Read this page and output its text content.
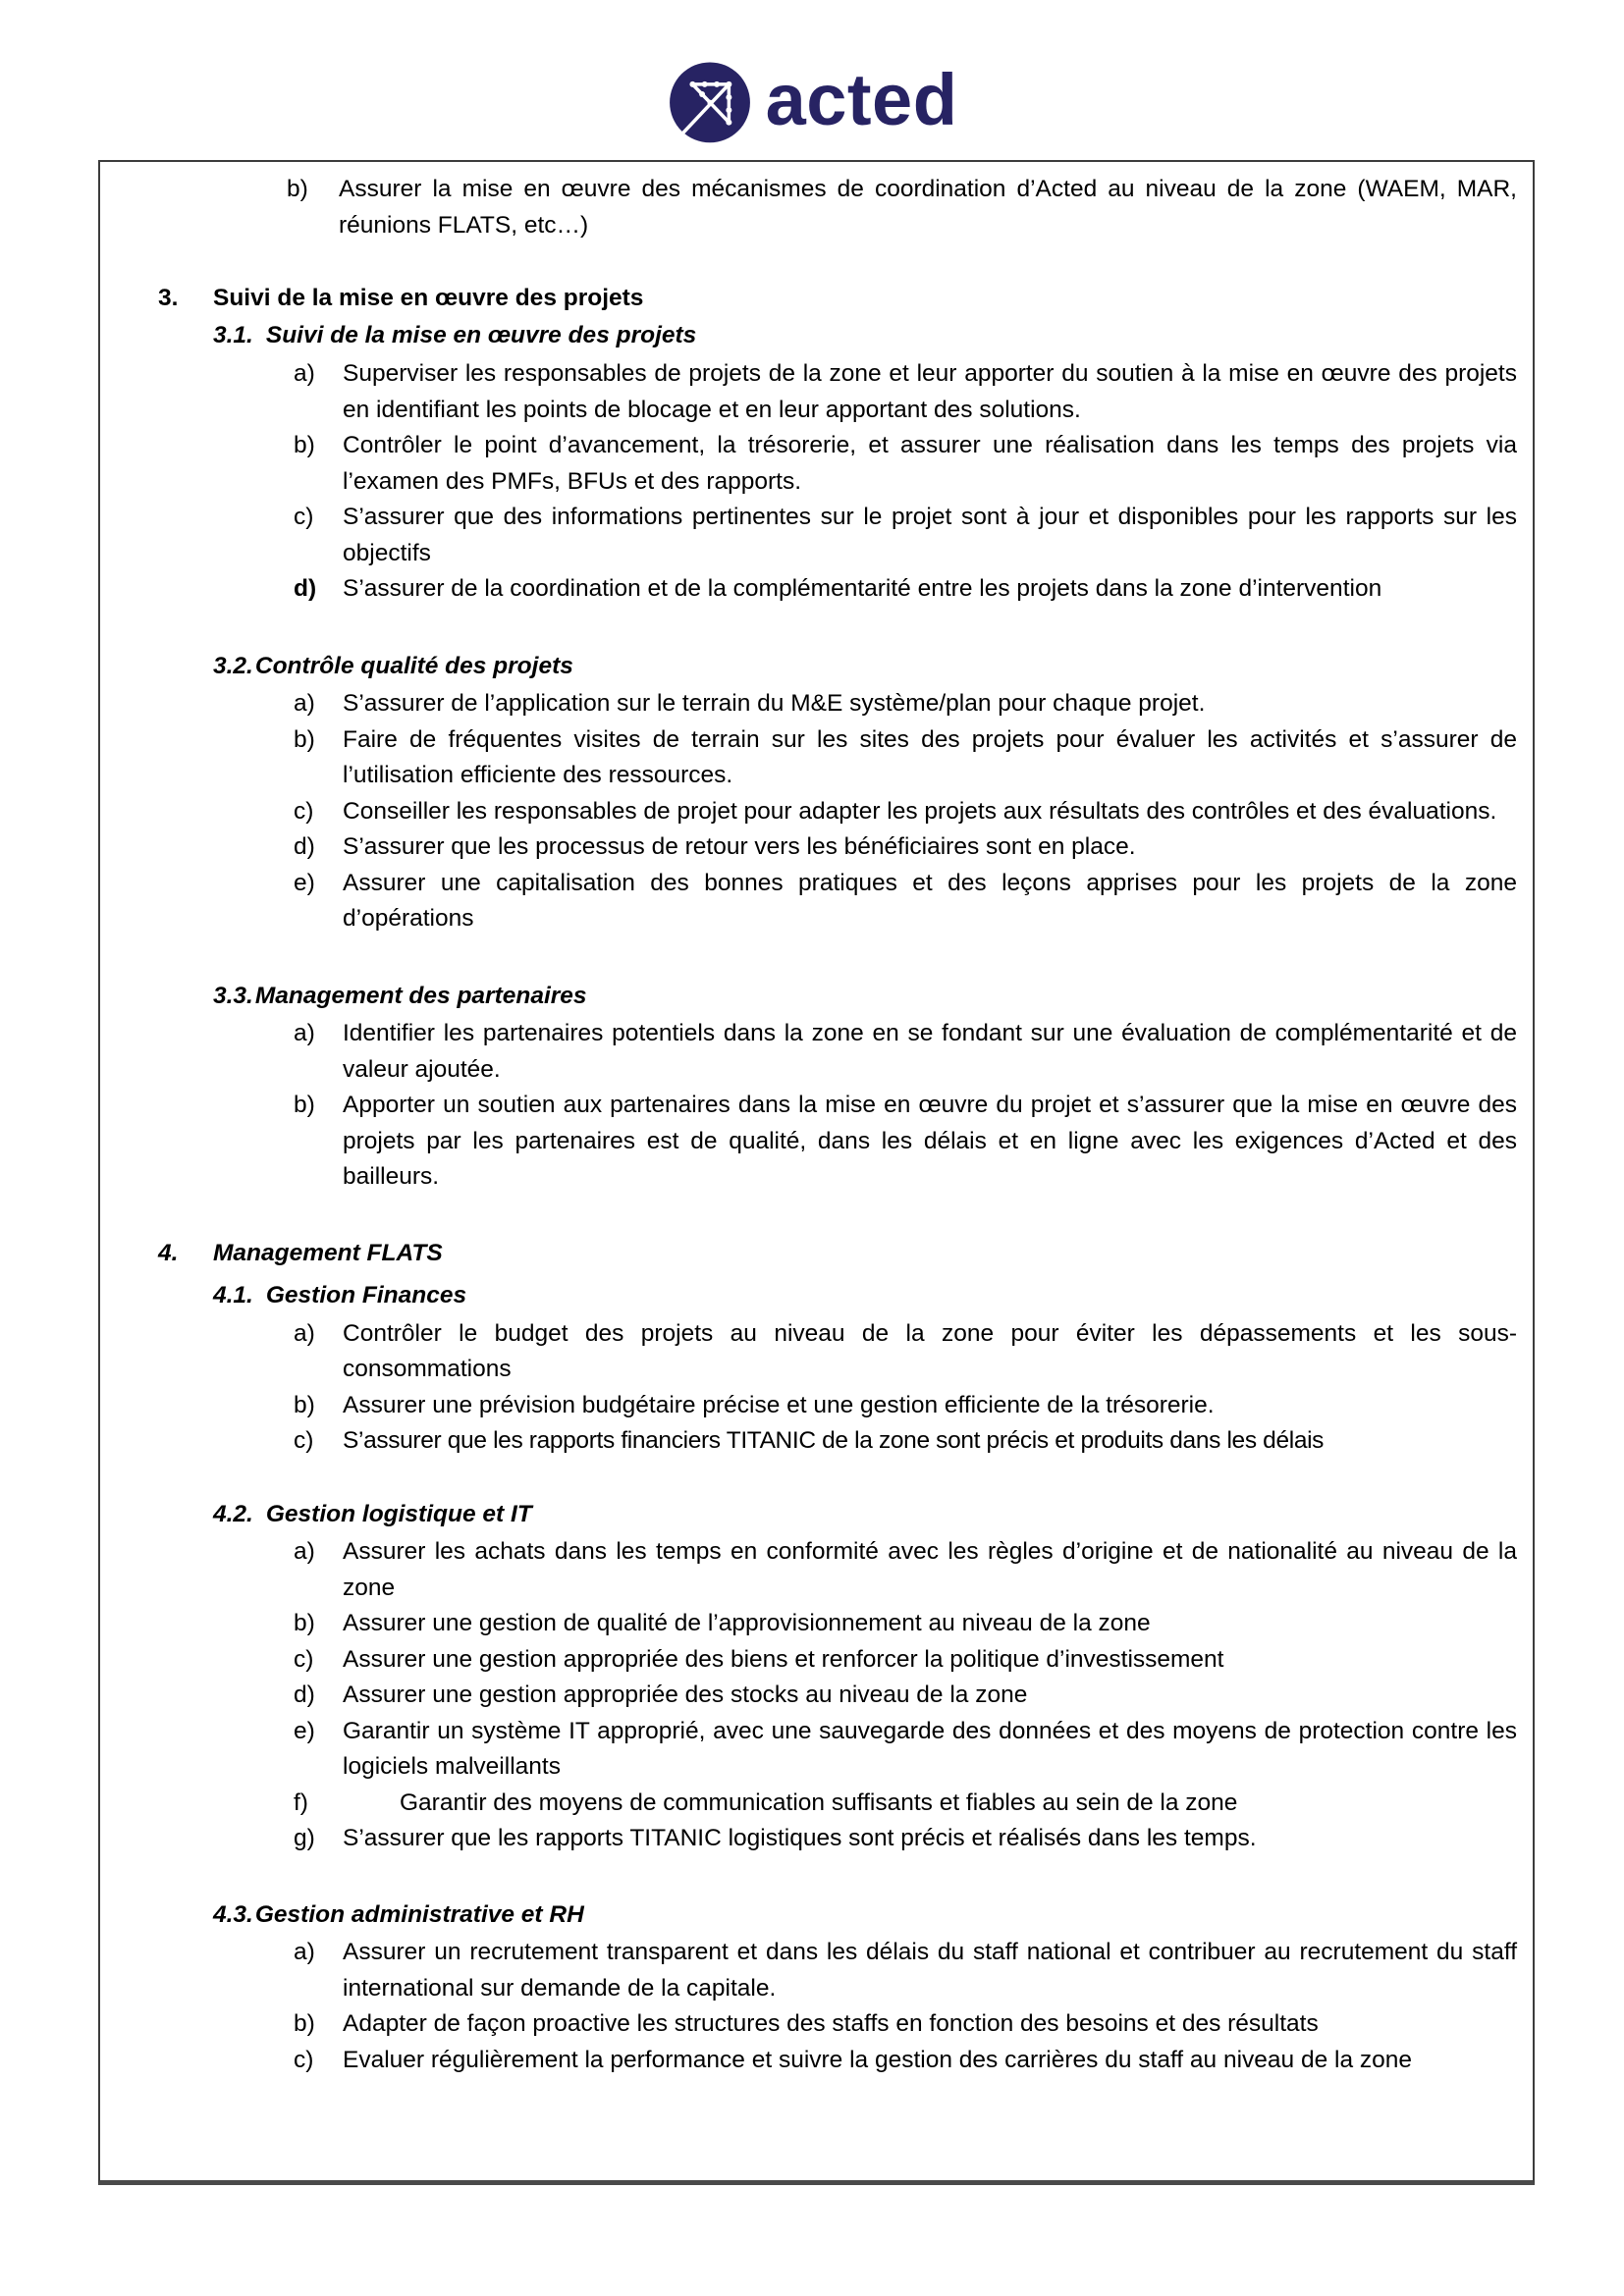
acted
b)	Assurer la mise en œuvre des mécanismes de coordination d’Acted au niveau de la zone (WAEM, MAR, réunions FLATS, etc…)
3. Suivi de la mise en œuvre des projets
3.1. Suivi de la mise en œuvre des projets
a)	Superviser les responsables de projets de la zone et leur apporter du soutien à la mise en œuvre des projets en identifiant les points de blocage et en leur apportant des solutions.
b)	Contrôler le point d’avancement, la trésorerie, et assurer une réalisation dans les temps des projets via l’examen des PMFs, BFUs et des rapports.
c)	S’assurer que des informations pertinentes sur le projet sont à jour et disponibles pour les rapports sur les objectifs
d)	S’assurer de la coordination et de la complémentarité entre les projets dans la zone d’intervention
3.2.Contrôle qualité des projets
a)	S’assurer de l’application sur le terrain du M&E système/plan pour chaque projet.
b)	Faire de fréquentes visites de terrain sur les sites des projets pour évaluer les activités et s’assurer de l’utilisation efficiente des ressources.
c)	Conseiller les responsables de projet pour adapter les projets aux résultats des contrôles et des évaluations.
d)	S’assurer que les processus de retour vers les bénéficiaires sont en place.
e)	Assurer une capitalisation des bonnes pratiques et des leçons apprises pour les projets de la zone d’opérations
3.3.Management des partenaires
a)	Identifier les partenaires potentiels dans la zone en se fondant sur une évaluation de complémentarité et de valeur ajoutée.
b)	Apporter un soutien aux partenaires dans la mise en œuvre du projet et s’assurer que la mise en œuvre des projets par les partenaires est de qualité, dans les délais et en ligne avec les exigences d’Acted et des bailleurs.
4. Management FLATS
4.1. Gestion Finances
a)	Contrôler le budget des projets au niveau de la zone pour éviter les dépassements et les sous-consommations
b)	Assurer une prévision budgétaire précise et une gestion efficiente de la trésorerie.
c)	S’assurer que les rapports financiers TITANIC de la zone sont précis et produits dans les délais
4.2. Gestion logistique et IT
a)	Assurer les achats dans les temps en conformité avec les règles d’origine et de nationalité au niveau de la zone
b)	Assurer une gestion de qualité de l’approvisionnement au niveau de la zone
c)	Assurer une gestion appropriée des biens et renforcer la politique d’investissement
d)	Assurer une gestion appropriée des stocks au niveau de la zone
e)	Garantir un système IT approprié, avec une sauvegarde des données et des moyens de protection contre les logiciels malveillants
f)	Garantir des moyens de communication suffisants et fiables au sein de la zone
g)	S’assurer que les rapports TITANIC logistiques sont précis et réalisés dans les temps.
4.3.Gestion administrative et RH
a)	Assurer un recrutement transparent et dans les délais du staff national et contribuer au recrutement du staff international sur demande de la capitale.
b)	Adapter de façon proactive les structures des staffs en fonction des besoins et des résultats
c)	Evaluer régulièrement la performance et suivre la gestion des carrières du staff au niveau de la zone
